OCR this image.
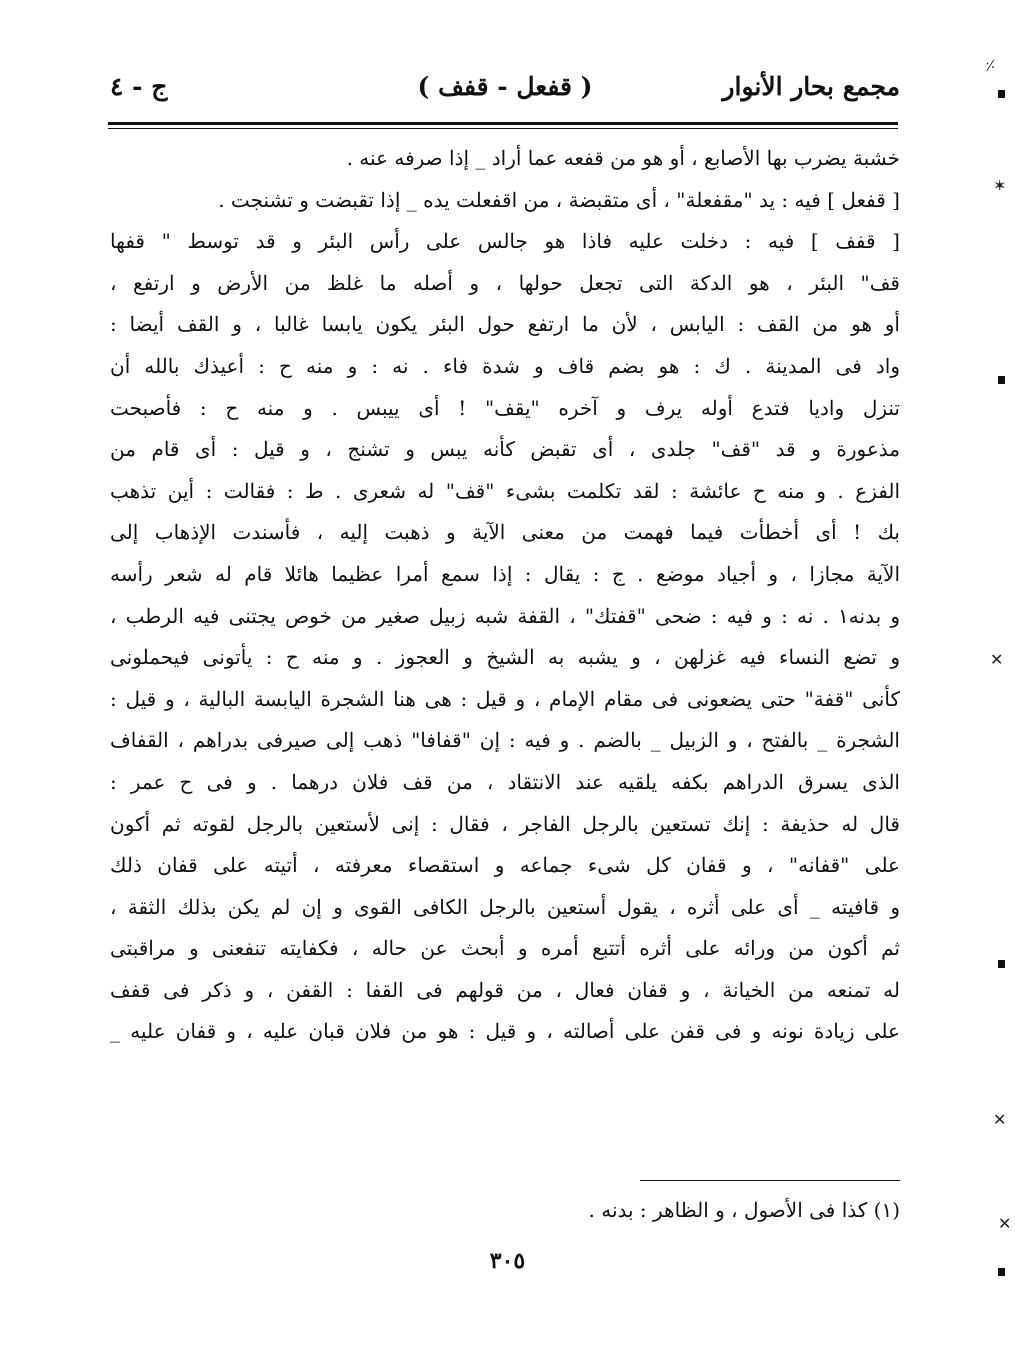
مجمع بحار الأنوار
( قفعل - قفف )
ج - ٤
خشبة يضرب بها الأصابع ، أو هو من قفعه عما أراد _ إذا صرفه عنه .
[ قفعل ] فيه : يد "مقفعلة" ، أى متقبضة ، من اقفعلت يده _ إذا تقبضت و تشنجت .
[ قفف ] فيه : دخلت عليه فاذا هو جالس على رأس البئر و قد توسط " قفها
قف" البئر ، هو الدكة التى تجعل حولها ، و أصله ما غلظ من الأرض و ارتفع ،
أو هو من القف : اليابس ، لأن ما ارتفع حول البئر يكون يابسا غالبا ، و القف أيضا :
واد فى المدينة . ك : هو بضم قاف و شدة فاء . نه : و منه ح : أعيذك بالله أن
تنزل واديا فتدع أوله يرف و آخره "يقف" ! أى ييبس . و منه ح : فأصبحت
مذعورة و قد "قف" جلدى ، أى تقبض كأنه يبس و تشنج ، و قيل : أى قام من
الفزع . و منه ح عائشة : لقد تكلمت بشىء "قف" له شعرى . ط : فقالت : أين تذهب
بك ! أى أخطأت فيما فهمت من معنى الآية و ذهبت إليه ، فأسندت الإذهاب إلى
الآية مجازا ، و أجياد موضع . ج : يقال : إذا سمع أمرا عظيما هائلا قام له شعر رأسه
و بدنه١ . نه : و فيه : ضحى "قفتك" ، القفة شبه زبيل صغير من خوص يجتنى فيه الرطب ،
و تضع النساء فيه غزلهن ، و يشبه به الشيخ و العجوز . و منه ح : يأتونى فيحملونى
كأنى "قفة" حتى يضعونى فى مقام الإمام ، و قيل : هى هنا الشجرة اليابسة البالية ، و قيل :
الشجرة _ بالفتح ، و الزبيل _ بالضم . و فيه : إن "قفافا" ذهب إلى صيرفى بدراهم ، القفاف
الذى يسرق الدراهم بكفه يلقيه عند الانتقاد ، من قف فلان درهما . و فى ح عمر :
قال له حذيفة : إنك تستعين بالرجل الفاجر ، فقال : إنى لأستعين بالرجل لقوته ثم أكون
على "قفانه" ، و قفان كل شىء جماعه و استقصاء معرفته ، أتيته على قفان ذلك
و قافيته _ أى على أثره ، يقول أستعين بالرجل الكافى القوى و إن لم يكن بذلك الثقة ،
ثم أكون من ورائه على أثره أتتبع أمره و أبحث عن حاله ، فكفايته تنفعنى و مراقبتى
له تمنعه من الخيانة ، و قفان فعال ، من قولهم فى القفا : القفن ، و ذكر فى قفف
على زيادة نونه و فى قفن على أصالته ، و قيل : هو من فلان قبان عليه ، و قفان عليه _
(١) كذا فى الأصول ، و الظاهر : بدنه .
٣٠٥
⸓
✶
✕
✕
✕
